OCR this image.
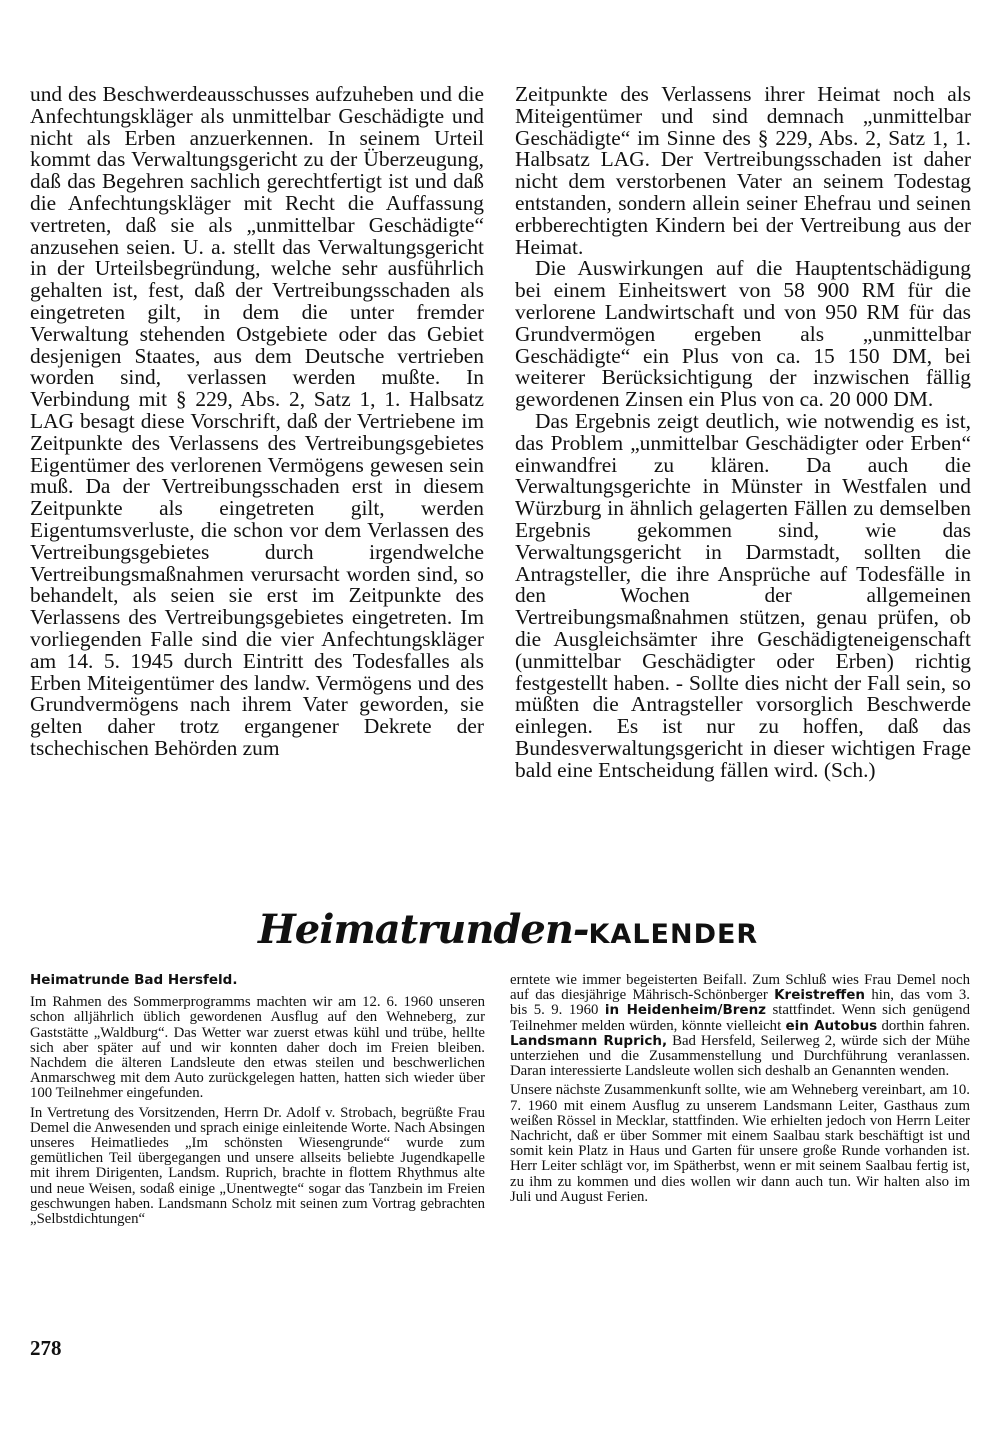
und des Beschwerdeausschusses aufzuheben und die Anfechtungskläger als unmittelbar Geschädigte und nicht als Erben anzuerkennen. In seinem Urteil kommt das Verwaltungsgericht zu der Überzeugung, daß das Begehren sachlich gerechtfertigt ist und daß die Anfechtungskläger mit Recht die Auffassung vertreten, daß sie als „unmittelbar Geschädigte“ anzusehen seien. U. a. stellt das Verwaltungsgericht in der Urteilsbegründung, welche sehr ausführlich gehalten ist, fest, daß der Vertreibungsschaden als eingetreten gilt, in dem die unter fremder Verwaltung stehenden Ostgebiete oder das Gebiet desjenigen Staates, aus dem Deutsche vertrieben worden sind, verlassen werden mußte. In Verbindung mit § 229, Abs. 2, Satz 1, 1. Halbsatz LAG besagt diese Vorschrift, daß der Vertriebene im Zeitpunkte des Verlassens des Vertreibungsgebietes Eigentümer des verlorenen Vermögens gewesen sein muß. Da der Vertreibungsschaden erst in diesem Zeitpunkte als eingetreten gilt, werden Eigentumsverluste, die schon vor dem Verlassen des Vertreibungsgebietes durch irgendwelche Vertreibungsmaßnahmen verursacht worden sind, so behandelt, als seien sie erst im Zeitpunkte des Verlassens des Vertreibungsgebietes eingetreten. Im vorliegenden Falle sind die vier Anfechtungskläger am 14. 5. 1945 durch Eintritt des Todesfalles als Erben Miteigentümer des landw. Vermögens und des Grundvermögens nach ihrem Vater geworden, sie gelten daher trotz ergangener Dekrete der tschechischen Behörden zum

Zeitpunkte des Verlassens ihrer Heimat noch als Miteigentümer und sind demnach „unmittelbar Geschädigte“ im Sinne des § 229, Abs. 2, Satz 1, 1. Halbsatz LAG. Der Vertreibungsschaden ist daher nicht dem verstorbenen Vater an seinem Todestag entstanden, sondern allein seiner Ehefrau und seinen erbberechtigten Kindern bei der Vertreibung aus der Heimat.

Die Auswirkungen auf die Hauptentschädigung bei einem Einheitswert von 58 900 RM für die verlorene Landwirtschaft und von 950 RM für das Grundvermögen ergeben als „unmittelbar Geschädigte“ ein Plus von ca. 15 150 DM, bei weiterer Berücksichtigung der inzwischen fällig gewordenen Zinsen ein Plus von ca. 20 000 DM.

Das Ergebnis zeigt deutlich, wie notwendig es ist, das Problem „unmittelbar Geschädigter oder Erben“ einwandfrei zu klären. Da auch die Verwaltungsgerichte in Münster in Westfalen und Würzburg in ähnlich gelagerten Fällen zu demselben Ergebnis gekommen sind, wie das Verwaltungsgericht in Darmstadt, sollten die Antragsteller, die ihre Ansprüche auf Todesfälle in den Wochen der allgemeinen Vertreibungsmaßnahmen stützen, genau prüfen, ob die Ausgleichsämter ihre Geschädigteneigenschaft (unmittelbar Geschädigter oder Erben) richtig festgestellt haben. - Sollte dies nicht der Fall sein, so müßten die Antragsteller vorsorglich Beschwerde einlegen. Es ist nur zu hoffen, daß das Bundesverwaltungsgericht in dieser wichtigen Frage bald eine Entscheidung fällen wird. (Sch.)

Heimatrunden-KALENDER
Heimatrunde Bad Hersfeld.

Im Rahmen des Sommerprogramms machten wir am 12. 6. 1960 unseren schon alljährlich üblich gewordenen Ausflug auf den Wehneberg, zur Gaststätte „Waldburg“. Das Wetter war zuerst etwas kühl und trübe, hellte sich aber später auf und wir konnten daher doch im Freien bleiben. Nachdem die älteren Landsleute den etwas steilen und beschwerlichen Anmarschweg mit dem Auto zurückgelegen hatten, hatten sich wieder über 100 Teilnehmer eingefunden.

In Vertretung des Vorsitzenden, Herrn Dr. Adolf v. Strobach, begrüßte Frau Demel die Anwesenden und sprach einige einleitende Worte. Nach Absingen unseres Heimatliedes „Im schönsten Wiesengrunde“ wurde zum gemütlichen Teil übergegangen und unsere allseits beliebte Jugendkapelle mit ihrem Dirigenten, Landsm. Ruprich, brachte in flottem Rhythmus alte und neue Weisen, sodaß einige „Unentwegte“ sogar das Tanzbein im Freien geschwungen haben. Landsmann Scholz mit seinen zum Vortrag gebrachten „Selbstdichtungen“

erntete wie immer begeisterten Beifall. Zum Schluß wies Frau Demel noch auf das diesjährige Mährisch-Schönberger Kreistreffen hin, das vom 3. bis 5. 9. 1960 in Heidenheim/Brenz stattfindet. Wenn sich genügend Teilnehmer melden würden, könnte vielleicht ein Autobus dorthin fahren. Landsmann Ruprich, Bad Hersfeld, Seilerweg 2, würde sich der Mühe unterziehen und die Zusammenstellung und Durchführung veranlassen. Daran interessierte Landsleute wollen sich deshalb an Genannten wenden.

Unsere nächste Zusammenkunft sollte, wie am Wehneberg vereinbart, am 10. 7. 1960 mit einem Ausflug zu unserem Landsmann Leiter, Gasthaus zum weißen Rössel in Mecklar, stattfinden. Wie erhielten jedoch von Herrn Leiter Nachricht, daß er über Sommer mit einem Saalbau stark beschäftigt ist und somit kein Platz in Haus und Garten für unsere große Runde vorhanden ist. Herr Leiter schlägt vor, im Spätherbst, wenn er mit seinem Saalbau fertig ist, zu ihm zu kommen und dies wollen wir dann auch tun. Wir halten also im Juli und August Ferien.

278
